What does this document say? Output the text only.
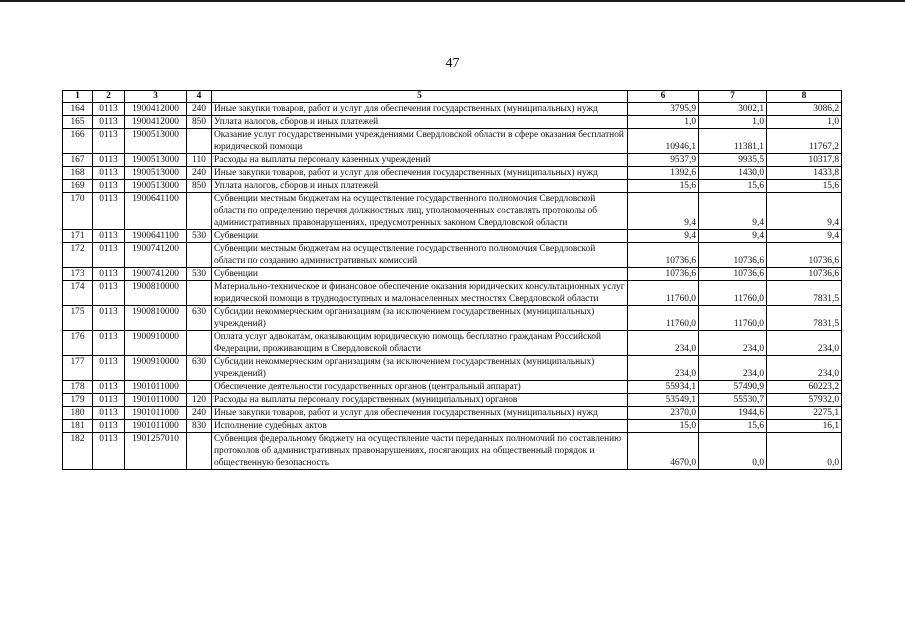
47
1	2	3	4	5	6	7	8
164	0113	1900412000	240	Иные закупки товаров, работ и услуг для обеспечения государственных (муниципальных) нужд	3795,9	3002,1	3086,2
165	0113	1900412000	850	Уплата налогов, сборов и иных платежей	1,0	1,0	1,0
166	0113	1900513000		Оказание услуг государственными учреждениями Свердловской области в сфере оказания бесплатной юридической помощи	10946,1	11381,1	11767,2
167	0113	1900513000	110	Расходы на выплаты персоналу казенных учреждений	9537,9	9935,5	10317,8
168	0113	1900513000	240	Иные закупки товаров, работ и услуг для обеспечения государственных (муниципальных) нужд	1392,6	1430,0	1433,8
169	0113	1900513000	850	Уплата налогов, сборов и иных платежей	15,6	15,6	15,6
170	0113	1900641100		Субвенции местным бюджетам на осуществление государственного полномочия Свердловской области по определению перечня должностных лиц, уполномоченных составлять протоколы об административных правонарушениях, предусмотренных законом Свердловской области	9,4	9,4	9,4
171	0113	1900641100	530	Субвенции	9,4	9,4	9,4
172	0113	1900741200		Субвенции местным бюджетам на осуществление государственного полномочия Свердловской области по созданию административных комиссий	10736,6	10736,6	10736,6
173	0113	1900741200	530	Субвенции	10736,6	10736,6	10736,6
174	0113	1900810000		Материально-техническое и финансовое обеспечение оказания юридических консультационных услуг юридической помощи в труднодоступных и малонаселенных местностях Свердловской области	11760,0	11760,0	7831,5
175	0113	1900810000	630	Субсидии некоммерческим организациям (за исключением государственных (муниципальных) учреждений)	11760,0	11760,0	7831,5
176	0113	1900910000		Оплата услуг адвокатам, оказывающим юридическую помощь бесплатно гражданам Российской Федерации, проживающим в Свердловской области	234,0	234,0	234,0
177	0113	1900910000	630	Субсидии некоммерческим организациям (за исключением государственных (муниципальных) учреждений)	234,0	234,0	234,0
178	0113	1901011000		Обеспечение деятельности государственных органов (центральный аппарат)	55934,1	57490,9	60223,2
179	0113	1901011000	120	Расходы на выплаты персоналу государственных (муниципальных) органов	53549,1	55530,7	57932,0
180	0113	1901011000	240	Иные закупки товаров, работ и услуг для обеспечения государственных (муниципальных) нужд	2370,0	1944,6	2275,1
181	0113	1901011000	830	Исполнение судебных актов	15,0	15,6	16,1
182	0113	1901257010		Субвенция федеральному бюджету на осуществление части переданных полномочий по составлению протоколов об административных правонарушениях, посягающих на общественный порядок и общественную безопасность	4670,0	0,0	0,0
